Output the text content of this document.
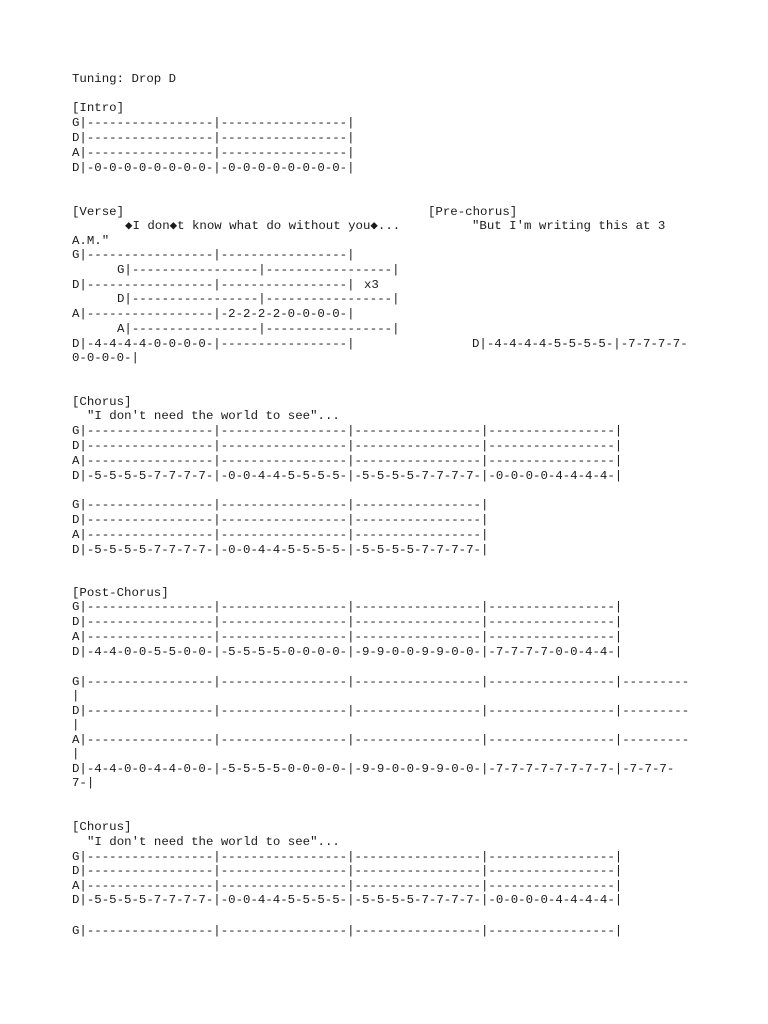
Tuning: Drop D

[Intro]

G|-----------------|-----------------|

D|-----------------|-----------------|

A|-----------------|-----------------|

D|-0-0-0-0-0-0-0-0-|-0-0-0-0-0-0-0-0-|

[Verse]

◆I don◆t know what do without you◆...

G|-----------------|-----------------|

D|-----------------|-----------------| x3

A|-----------------|-2-2-2-2-0-0-0-0-|

D|-4-4-4-4-0-0-0-0-|-----------------|

[Pre-chorus]

"But I'm writing this at 3

A.M."

G|-----------------|-----------------|

D|-----------------|-----------------|

A|-----------------|-----------------|

D|-4-4-4-4-5-5-5-5-|-7-7-7-7-

0-0-0-0-|

[Chorus]

"I don't need the world to see"...

G|-----------------|-----------------|-----------------|-----------------|

D|-----------------|-----------------|-----------------|-----------------|

A|-----------------|-----------------|-----------------|-----------------|

D|-5-5-5-5-7-7-7-7-|-0-0-4-4-5-5-5-5-|-5-5-5-5-7-7-7-7-|-0-0-0-0-4-4-4-4-|

G|-----------------|-----------------|-----------------|

D|-----------------|-----------------|-----------------|

A|-----------------|-----------------|-----------------|

D|-5-5-5-5-7-7-7-7-|-0-0-4-4-5-5-5-5-|-5-5-5-5-7-7-7-7-|

[Post-Chorus]

G|-----------------|-----------------|-----------------|-----------------|

D|-----------------|-----------------|-----------------|-----------------|

A|-----------------|-----------------|-----------------|-----------------|

D|-4-4-0-0-5-5-0-0-|-5-5-5-5-0-0-0-0-|-9-9-0-0-9-9-0-0-|-7-7-7-7-0-0-4-4-|

G|-----------------|-----------------|-----------------|-----------------|---------

|

D|-----------------|-----------------|-----------------|-----------------|---------

|

A|-----------------|-----------------|-----------------|-----------------|---------

|

D|-4-4-0-0-4-4-0-0-|-5-5-5-5-0-0-0-0-|-9-9-0-0-9-9-0-0-|-7-7-7-7-7-7-7-7-|-7-7-7-

7-|

[Chorus]

"I don't need the world to see"...

G|-----------------|-----------------|-----------------|-----------------|

D|-----------------|-----------------|-----------------|-----------------|

A|-----------------|-----------------|-----------------|-----------------|

D|-5-5-5-5-7-7-7-7-|-0-0-4-4-5-5-5-5-|-5-5-5-5-7-7-7-7-|-0-0-0-0-4-4-4-4-|

G|-----------------|-----------------|-----------------|-----------------|
